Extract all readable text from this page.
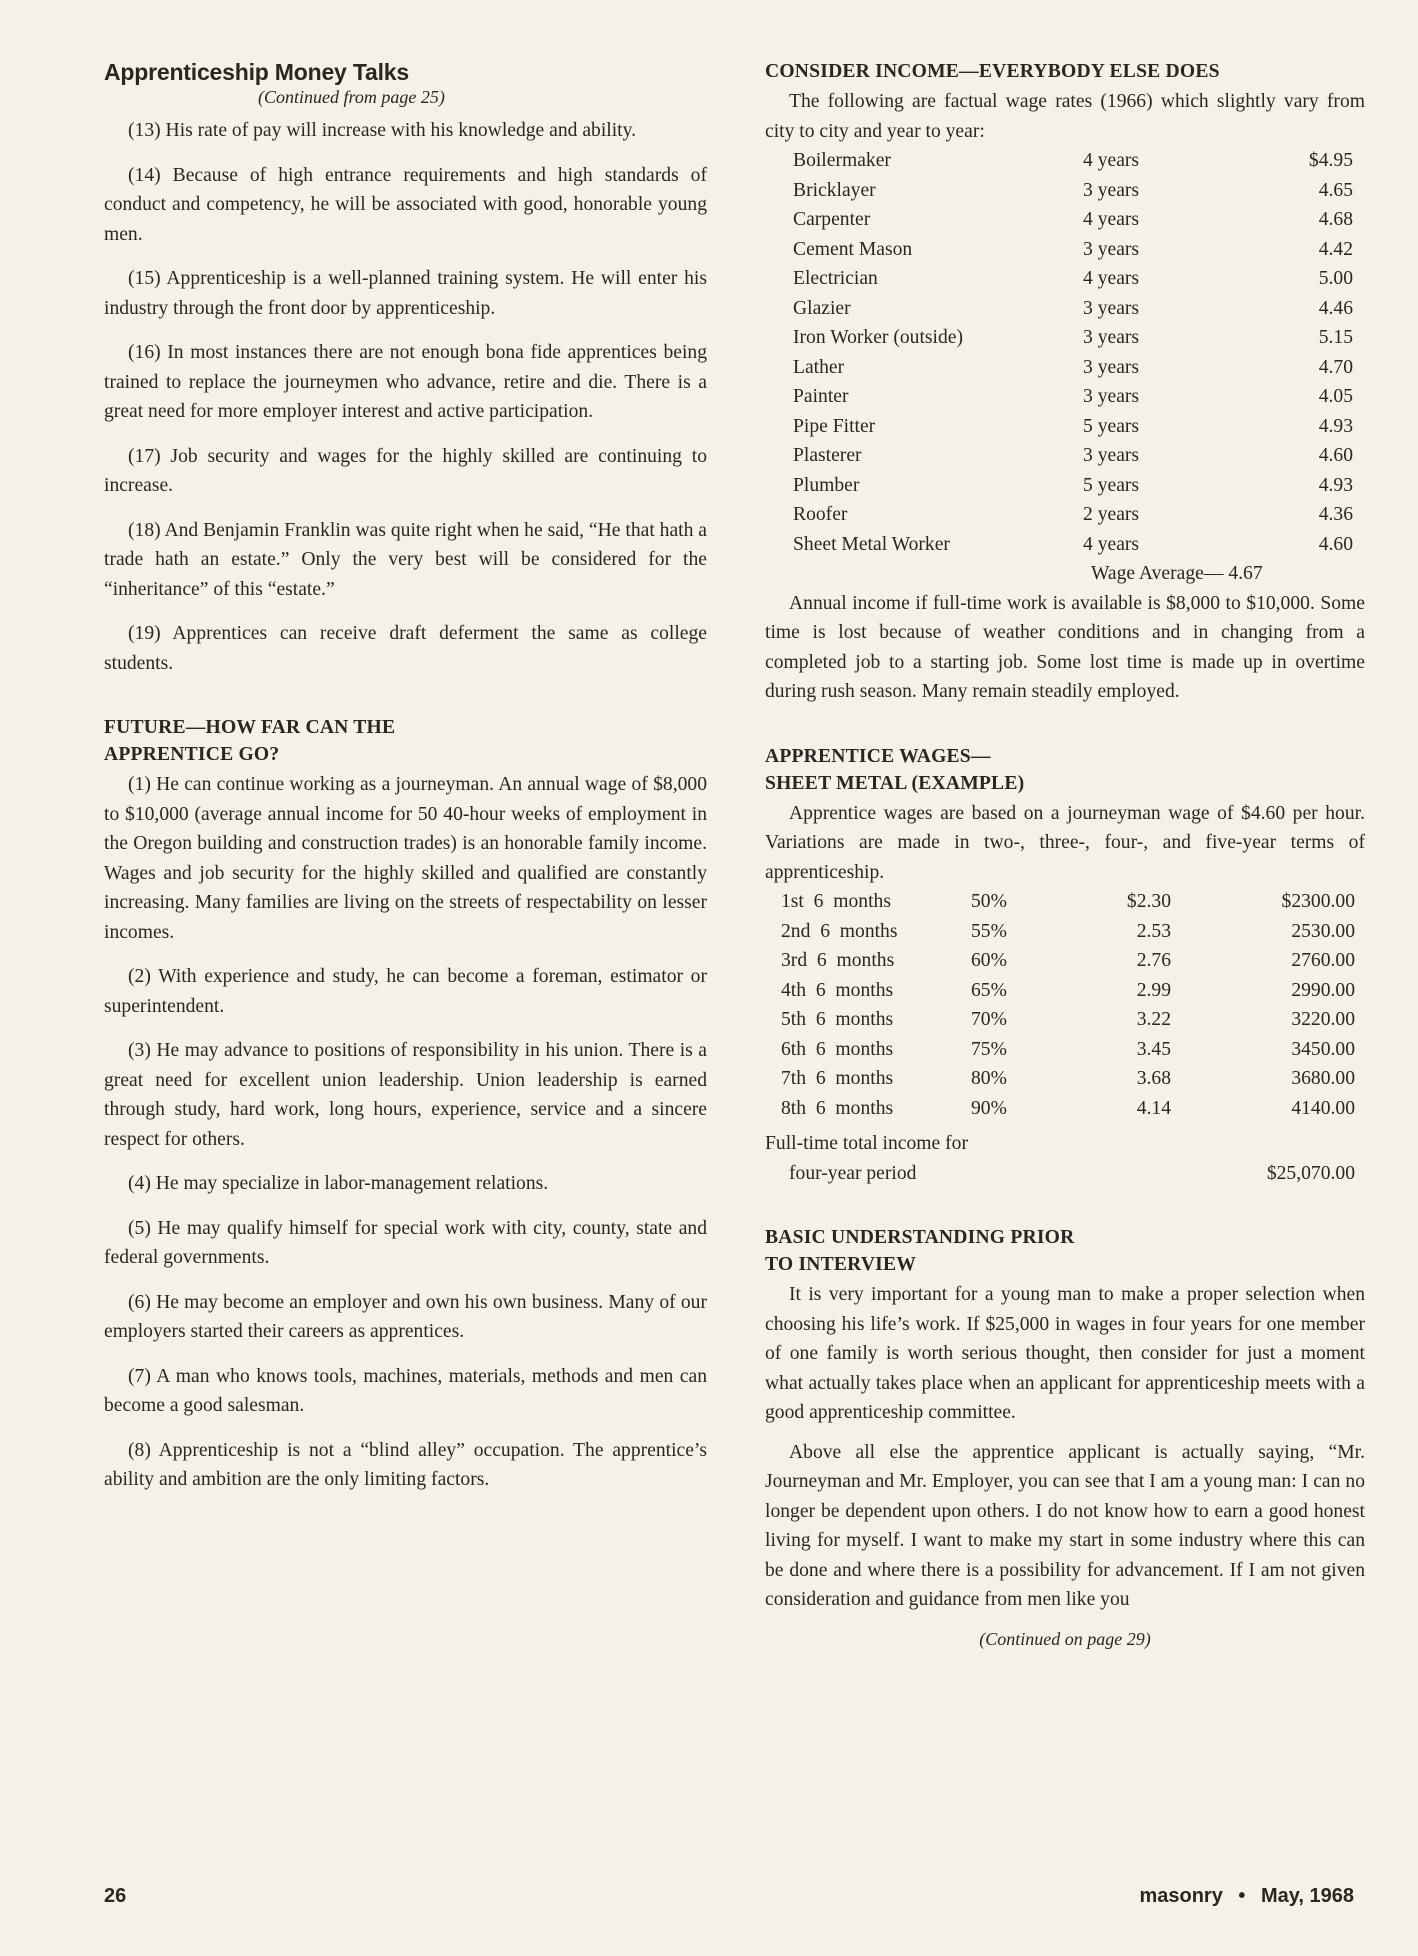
Apprenticeship Money Talks
(Continued from page 25)

(13) His rate of pay will increase with his knowledge and ability.

(14) Because of high entrance requirements and high standards of conduct and competency, he will be associated with good, honorable young men.

(15) Apprenticeship is a well-planned training system. He will enter his industry through the front door by apprenticeship.

(16) In most instances there are not enough bona fide apprentices being trained to replace the journeymen who advance, retire and die. There is a great need for more employer interest and active participation.

(17) Job security and wages for the highly skilled are continuing to increase.

(18) And Benjamin Franklin was quite right when he said, “He that hath a trade hath an estate.” Only the very best will be considered for the “inheritance” of this “estate.”

(19) Apprentices can receive draft deferment the same as college students.

FUTURE—HOW FAR CAN THE
APPRENTICE GO?

(1) He can continue working as a journeyman. An annual wage of $8,000 to $10,000 (average annual income for 50 40-hour weeks of employment in the Oregon building and construction trades) is an honorable family income. Wages and job security for the highly skilled and qualified are constantly increasing. Many families are living on the streets of respectability on lesser incomes.

(2) With experience and study, he can become a foreman, estimator or superintendent.

(3) He may advance to positions of responsibility in his union. There is a great need for excellent union leadership. Union leadership is earned through study, hard work, long hours, experience, service and a sincere respect for others.

(4) He may specialize in labor-management relations.

(5) He may qualify himself for special work with city, county, state and federal governments.

(6) He may become an employer and own his own business. Many of our employers started their careers as apprentices.

(7) A man who knows tools, machines, materials, methods and men can become a good salesman.

(8) Apprenticeship is not a “blind alley” occupation. The apprentice’s ability and ambition are the only limiting factors.

CONSIDER INCOME—EVERYBODY ELSE DOES

The following are factual wage rates (1966) which slightly vary from city to city and year to year:

Boilermaker	4 years	$4.95
Bricklayer	3 years	4.65
Carpenter	4 years	4.68
Cement Mason	3 years	4.42
Electrician	4 years	5.00
Glazier	3 years	4.46
Iron Worker (outside)	3 years	5.15
Lather	3 years	4.70
Painter	3 years	4.05
Pipe Fitter	5 years	4.93
Plasterer	3 years	4.60
Plumber	5 years	4.93
Roofer	2 years	4.36
Sheet Metal Worker	4 years	4.60
Wage Average— 4.67

Annual income if full-time work is available is $8,000 to $10,000. Some time is lost because of weather conditions and in changing from a completed job to a starting job. Some lost time is made up in overtime during rush season. Many remain steadily employed.

APPRENTICE WAGES—
SHEET METAL (EXAMPLE)

Apprentice wages are based on a journeyman wage of $4.60 per hour. Variations are made in two-, three-, four-, and five-year terms of apprenticeship.

1st  6  months	50%	$2.30	$2300.00
2nd  6  months	55%	2.53	2530.00
3rd  6  months	60%	2.76	2760.00
4th  6  months	65%	2.99	2990.00
5th  6  months	70%	3.22	3220.00
6th  6  months	75%	3.45	3450.00
7th  6  months	80%	3.68	3680.00
8th  6  months	90%	4.14	4140.00
Full-time total income for	
four-year period	$25,070.00
BASIC UNDERSTANDING PRIOR
TO INTERVIEW

It is very important for a young man to make a proper selection when choosing his life’s work. If $25,000 in wages in four years for one member of one family is worth serious thought, then consider for just a moment what actually takes place when an applicant for apprenticeship meets with a good apprenticeship committee.

Above all else the apprentice applicant is actually saying, “Mr. Journeyman and Mr. Employer, you can see that I am a young man: I can no longer be dependent upon others. I do not know how to earn a good honest living for myself. I want to make my start in some industry where this can be done and where there is a possibility for advancement. If I am not given consideration and guidance from men like you

(Continued on page 29)

26	masonry • May, 1968
